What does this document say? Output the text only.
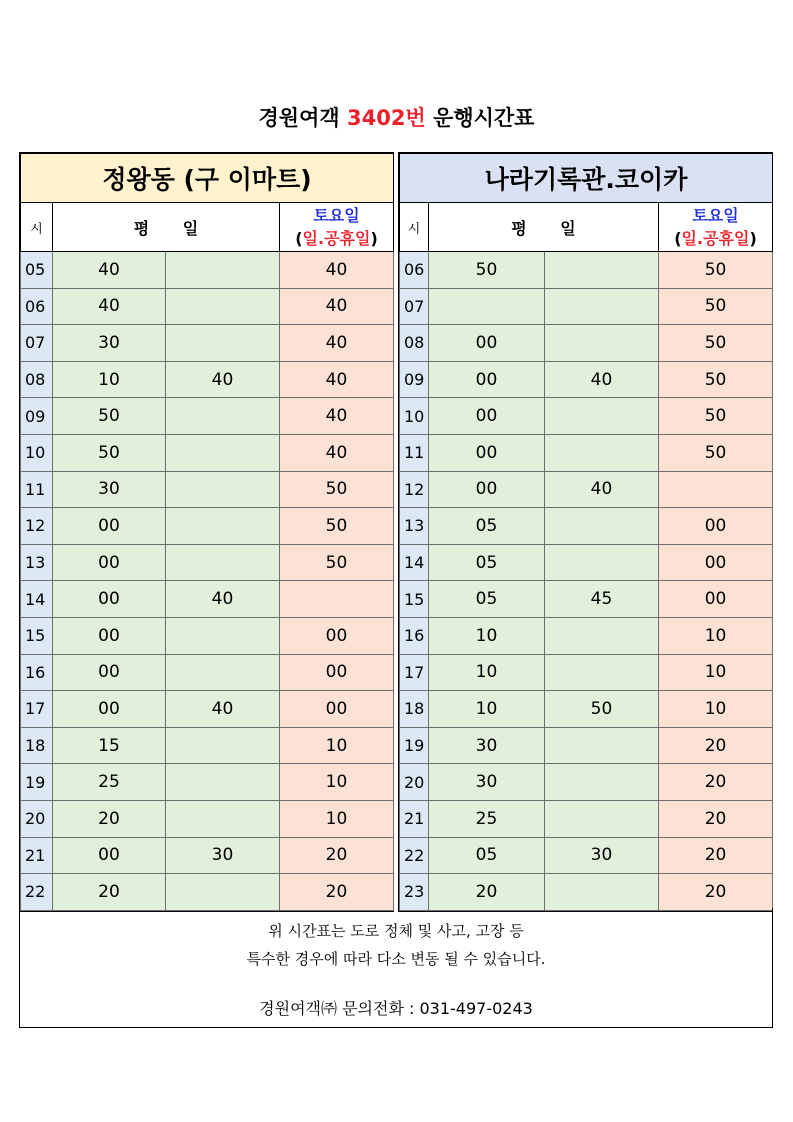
경원여객 3402번 운행시간표
정왕동 (구 이마트)			
시	평 일		토요일
(일.공휴일)

05	40		40
06	40		40
07	30		40
08	10	40	40
09	50		40
10	50		40
11	30		50
12	00		50
13	00		50
14	00	40	
15	00		00
16	00		00
17	00	40	00
18	15		10
19	25		10
20	20		10
21	00	30	20
22	20		20
나라기록관.코이카			
시	평 일		토요일
(일.공휴일)

06	50		50
07			50
08	00		50
09	00	40	50
10	00		50
11	00		50
12	00	40	
13	05		00
14	05		00
15	05	45	00
16	10		10
17	10		10
18	10	50	10
19	30		20
20	30		20
21	25		20
22	05	30	20
23	20		20
위 시간표는 도로 정체 및 사고, 고장 등
특수한 경우에 따라 다소 변동 될 수 있습니다.
경원여객㈜ 문의전화 : 031-497-0243
